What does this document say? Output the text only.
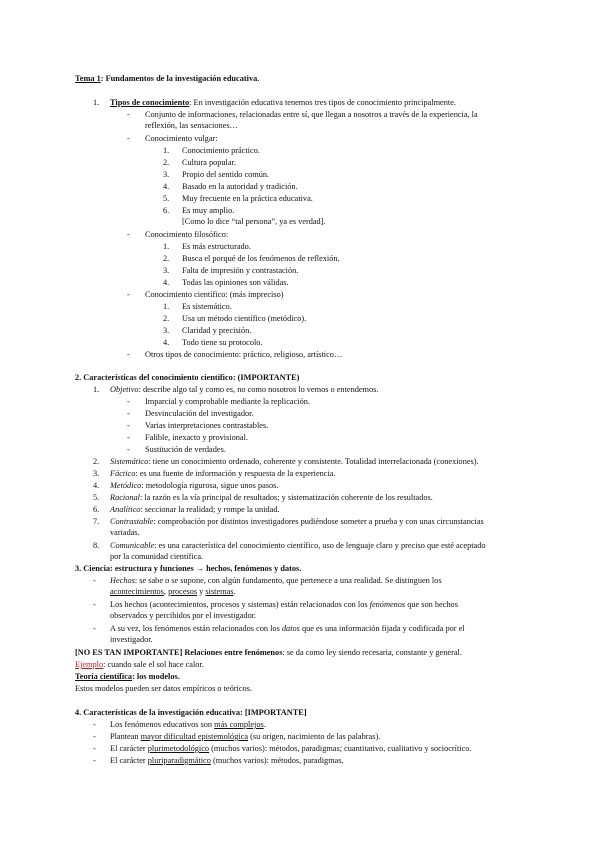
Tema 1: Fundamentos de la investigación educativa.
1. Tipos de conocimiento: En investigación educativa tenemos tres tipos de conocimiento principalmente.
- Conjunto de informaciones, relacionadas entre sí, que llegan a nosotros a través de la experiencia, la
reflexión, las sensaciones…
- Conocimiento vulgar:
1. Conocimiento práctico.
2. Cultura popular.
3. Propio del sentido común.
4. Basado en la autoridad y tradición.
5. Muy frecuente en la práctica educativa.
6. Es muy amplio.
[Como lo dice “tal persona”, ya es verdad].
- Conocimiento filosófico:
1. Es más estructurado.
2. Busca el porqué de los fenómenos de reflexión.
3. Falta de impresión y contrastación.
4. Todas las opiniones son válidas.
- Conocimiento científico: (más impreciso)
1. Es sistemático.
2. Usa un método científico (metódico).
3. Claridad y precisión.
4. Todo tiene su protocolo.
- Otros tipos de conocimiento: práctico, religioso, artístico…
2. Características del conocimiento científico: (IMPORTANTE)
1. Objetivo: describe algo tal y como es, no como nosotros lo vemos o entendemos.
- Imparcial y comprobable mediante la replicación.
- Desvinculación del investigador.
- Varias interpretaciones contrastables.
- Falible, inexacto y provisional.
- Sustitución de verdades.
2. Sistemático: tiene un conocimiento ordenado, coherente y consistente. Totalidad interrelacionada (conexiones).
3. Fáctico: es una fuente de información y respuesta de la experiencia.
4. Metódico: metodología rigurosa, sigue unos pasos.
5. Racional: la razón es la vía principal de resultados; y sistematización coherente de los resultados.
6. Analítico: seccionar la realidad; y rompe la unidad.
7. Contrastable: comprobación por distintos investigadores pudiéndose someter a prueba y con unas circunstancias
variadas.
8. Comunicable: es una característica del conocimiento científico, uso de lenguaje claro y preciso que esté aceptado
por la comunidad científica.
3. Ciencia: estructura y funciones → hechos, fenómenos y datos.
- Hechos: se sabe o se supone, con algún fundamento, que pertenece a una realidad. Se distinguen los
acontecimientos, procesos y sistemas.
- Los hechos (acontecimientos, procesos y sistemas) están relacionados con los fenómenos que son hechos
observados y percibidos por el investigador.
- A su vez, los fenómenos están relacionados con los datos que es una información fijada y codificada por el
investigador.
[NO ES TAN IMPORTANTE] Relaciones entre fenómenos: se da como ley siendo recesaria, constante y general.
Ejemplo: cuando sale el sol hace calor.
Teoría científica: los modelos.
Estos modelos pueden ser datos empíricos o teóricos.
4. Características de la investigación educativa: [IMPORTANTE]
- Los fenómenos educativos son más complejos.
- Plantean mayor dificultad epistemológica (su origen, nacimiento de las palabras).
- El carácter plurimetodológico (muchos varios): métodos, paradigmas; cuantitativo, cualitativo y sociocrítico.
- El carácter pluriparadigmático (muchos varios): métodos, paradigmas.
